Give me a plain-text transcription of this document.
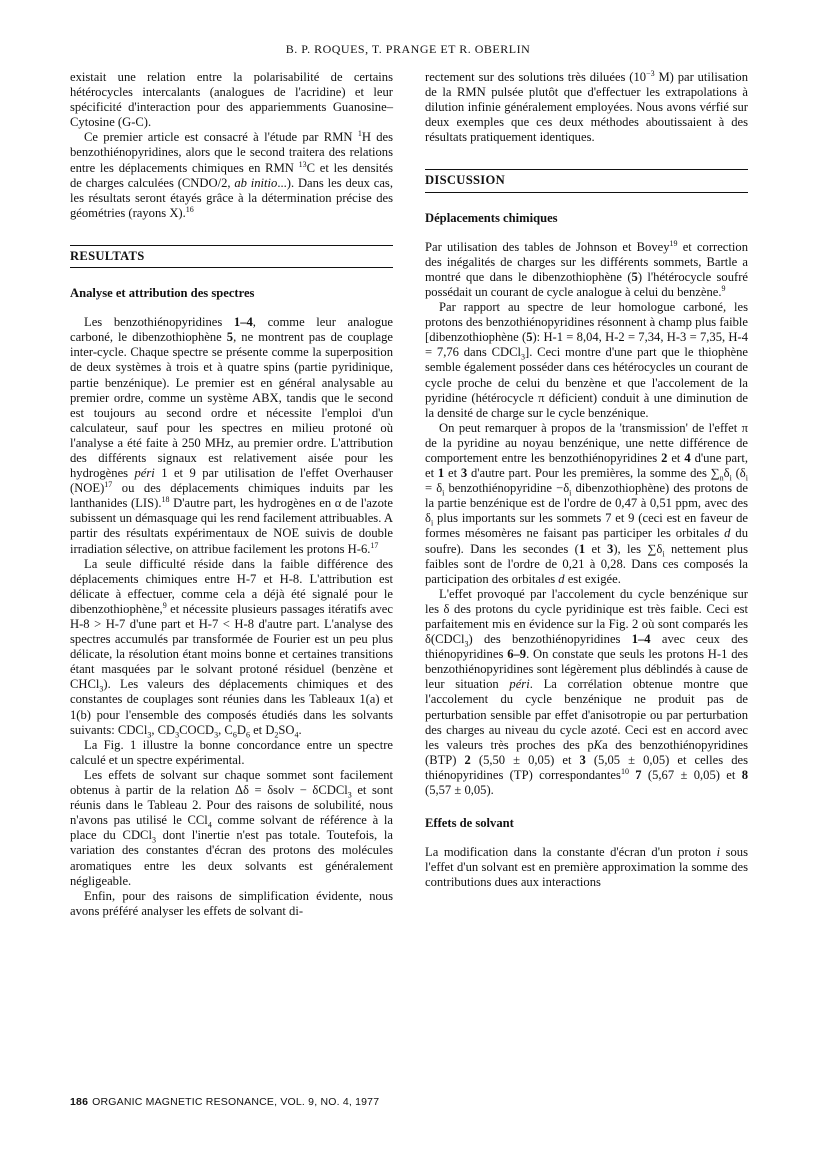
B. P. ROQUES, T. PRANGE ET R. OBERLIN

existait une relation entre la polarisabilité de certains hétérocycles intercalants (analogues de l'acridine) et leur spécificité d'interaction pour des appariemments Guanosine–Cytosine (G-C).

Ce premier article est consacré à l'étude par RMN $^1$H des benzothiénopyridines, alors que le second traitera des relations entre les déplacements chimiques en RMN $^{13}$C et les densités de charges calculées (CNDO/2, ab initio...). Dans les deux cas, les résultats seront étayés grâce à la détermination précise des géométries (rayons X).$^{16}$

RESULTATS

Analyse et attribution des spectres

Les benzothiénopyridines 1–4, comme leur analogue carboné, le dibenzothiophène 5, ne montrent pas de couplage inter-cycle. Chaque spectre se présente comme la superposition de deux systèmes à trois et à quatre spins (partie pyridinique, partie benzénique). Le premier est en général analysable au premier ordre, comme un système ABX, tandis que le second est toujours au second ordre et nécessite l'emploi d'un calculateur, sauf pour les spectres en milieu protoné où l'analyse a été faite à 250 MHz, au premier ordre. L'attribution des différents signaux est relativement aisée pour les hydrogènes péri 1 et 9 par utilisation de l'effet Overhauser (NOE)$^{17}$ ou des déplacements chimiques induits par les lanthanides (LIS).$^{18}$ D'autre part, les hydrogènes en α de l'azote subissent un démasquage qui les rend facilement attribuables. A partir des résultats expérimentaux de NOE suivis de double irradiation sélective, on attribue facilement les protons H-6.17

La seule difficulté réside dans la faible différence des déplacements chimiques entre H-7 et H-8. L'attribution est délicate à effectuer, comme cela a déjà été signalé pour le dibenzothiophène,$^9$ et nécessite plusieurs passages itératifs avec H-8 > H-7 d'une part et H-7 < H-8 d'autre part. L'analyse des spectres accumulés par transformée de Fourier est un peu plus délicate, la résolution étant moins bonne et certaines transitions étant masquées par le solvant protoné résiduel (benzène et CHCl$_3$). Les valeurs des déplacements chimiques et des constantes de couplages sont réunies dans les Tableaux 1(a) et 1(b) pour l'ensemble des composés étudiés dans les solvants suivants: CDCl$_3$, $CD_3COCD_3$, $C_6D_6$ et $D_2SO_4$.

La Fig. 1 illustre la bonne concordance entre un spectre calculé et un spectre expérimental.

Les effets de solvant sur chaque sommet sont facilement obtenus à partir de la relation Δδ = δsolv − δCDCl$_3$ et sont réunis dans le Tableau 2. Pour des raisons de solubilité, nous n'avons pas utilisé le CCl$_4$ comme solvant de référence à la place du CDCl$_3$ dont l'inertie n'est pas totale. Toutefois, la variation des constantes d'écran des protons des molécules aromatiques entre les deux solvants est généralement négligeable.

Enfin, pour des raisons de simplification évidente, nous avons préféré analyser les effets de solvant di-

rectement sur des solutions très diluées ($10^{-3}$ M) par utilisation de la RMN pulsée plutôt que d'effectuer les extrapolations à dilution infinie généralement employées. Nous avons vérfié sur deux exemples que ces deux méthodes aboutissaient à des résultats pratiquement identiques.

DISCUSSION

Déplacements chimiques

Par utilisation des tables de Johnson et Bovey$^{19}$ et correction des inégalités de charges sur les différents sommets, Bartle a montré que dans le dibenzothiophène (5) l'hétérocycle soufré possédait un courant de cycle analogue à celui du benzène.$^9$

Par rapport au spectre de leur homologue carboné, les protons des benzothiénopyridines résonnent à champ plus faible [dibenzothiophène (5): H-1 = 8,04, H-2 = 7,34, H-3 = 7,35, H-4 = 7,76 dans CDCl$_3$]. Ceci montre d'une part que le thiophène semble également posséder dans ces hétérocycles un courant de cycle proche de celui du benzène et que l'accolement de la pyridine (hétérocycle π déficient) conduit à une diminution de la densité de charge sur le cycle benzénique.

On peut remarquer à propos de la 'transmission' de l'effet π de la pyridine au noyau benzénique, une nette différence de comportement entre les benzothiénopyridines 2 et 4 d'une part, et 1 et 3 d'autre part. Pour les premières, la somme des $\sum_n\delta_i$ ($\delta_i = \delta_i$ benzothiénopyridine $-\delta_i$ dibenzothiophène) des protons de la partie benzénique est de l'ordre de 0,47 à 0,51 ppm, avec des $\delta_i$ plus importants sur les sommets 7 et 9 (ceci est en faveur de formes mésomères ne faisant pas participer les orbitales d du soufre). Dans les secondes (1 et 3), les $\sum\delta_i$ nettement plus faibles sont de l'ordre de 0,21 à 0,28. Dans ces composés la participation des orbitales d est exigée.

L'effet provoqué par l'accolement du cycle benzénique sur les δ des protons du cycle pyridinique est très faible. Ceci est parfaitement mis en évidence sur la Fig. 2 où sont comparés les δ(CDCl$_3$) des benzothiénopyridines 1–4 avec ceux des thiénopyridines 6–9. On constate que seuls les protons H-1 des benzothiénopyridines sont légèrement plus déblindés à cause de leur situation péri. La corrélation obtenue montre que l'accolement du cycle benzénique ne produit pas de perturbation sensible par effet d'anisotropie ou par perturbation des charges au niveau du cycle azoté. Ceci est en accord avec les valeurs très proches des pKa des benzothiénopyridines (BTP) 2 (5,50 ± 0,05) et 3 (5,05 ± 0,05) et celles des thiénopyridines (TP) correspondantes$^{10}$ 7 (5,67 ± 0,05) et 8 (5,57 ± 0,05).

Effets de solvant

La modification dans la constante d'écran d'un proton i sous l'effet d'un solvant est en première approximation la somme des contributions dues aux interactions

186 ORGANIC MAGNETIC RESONANCE, VOL. 9, NO. 4, 1977
